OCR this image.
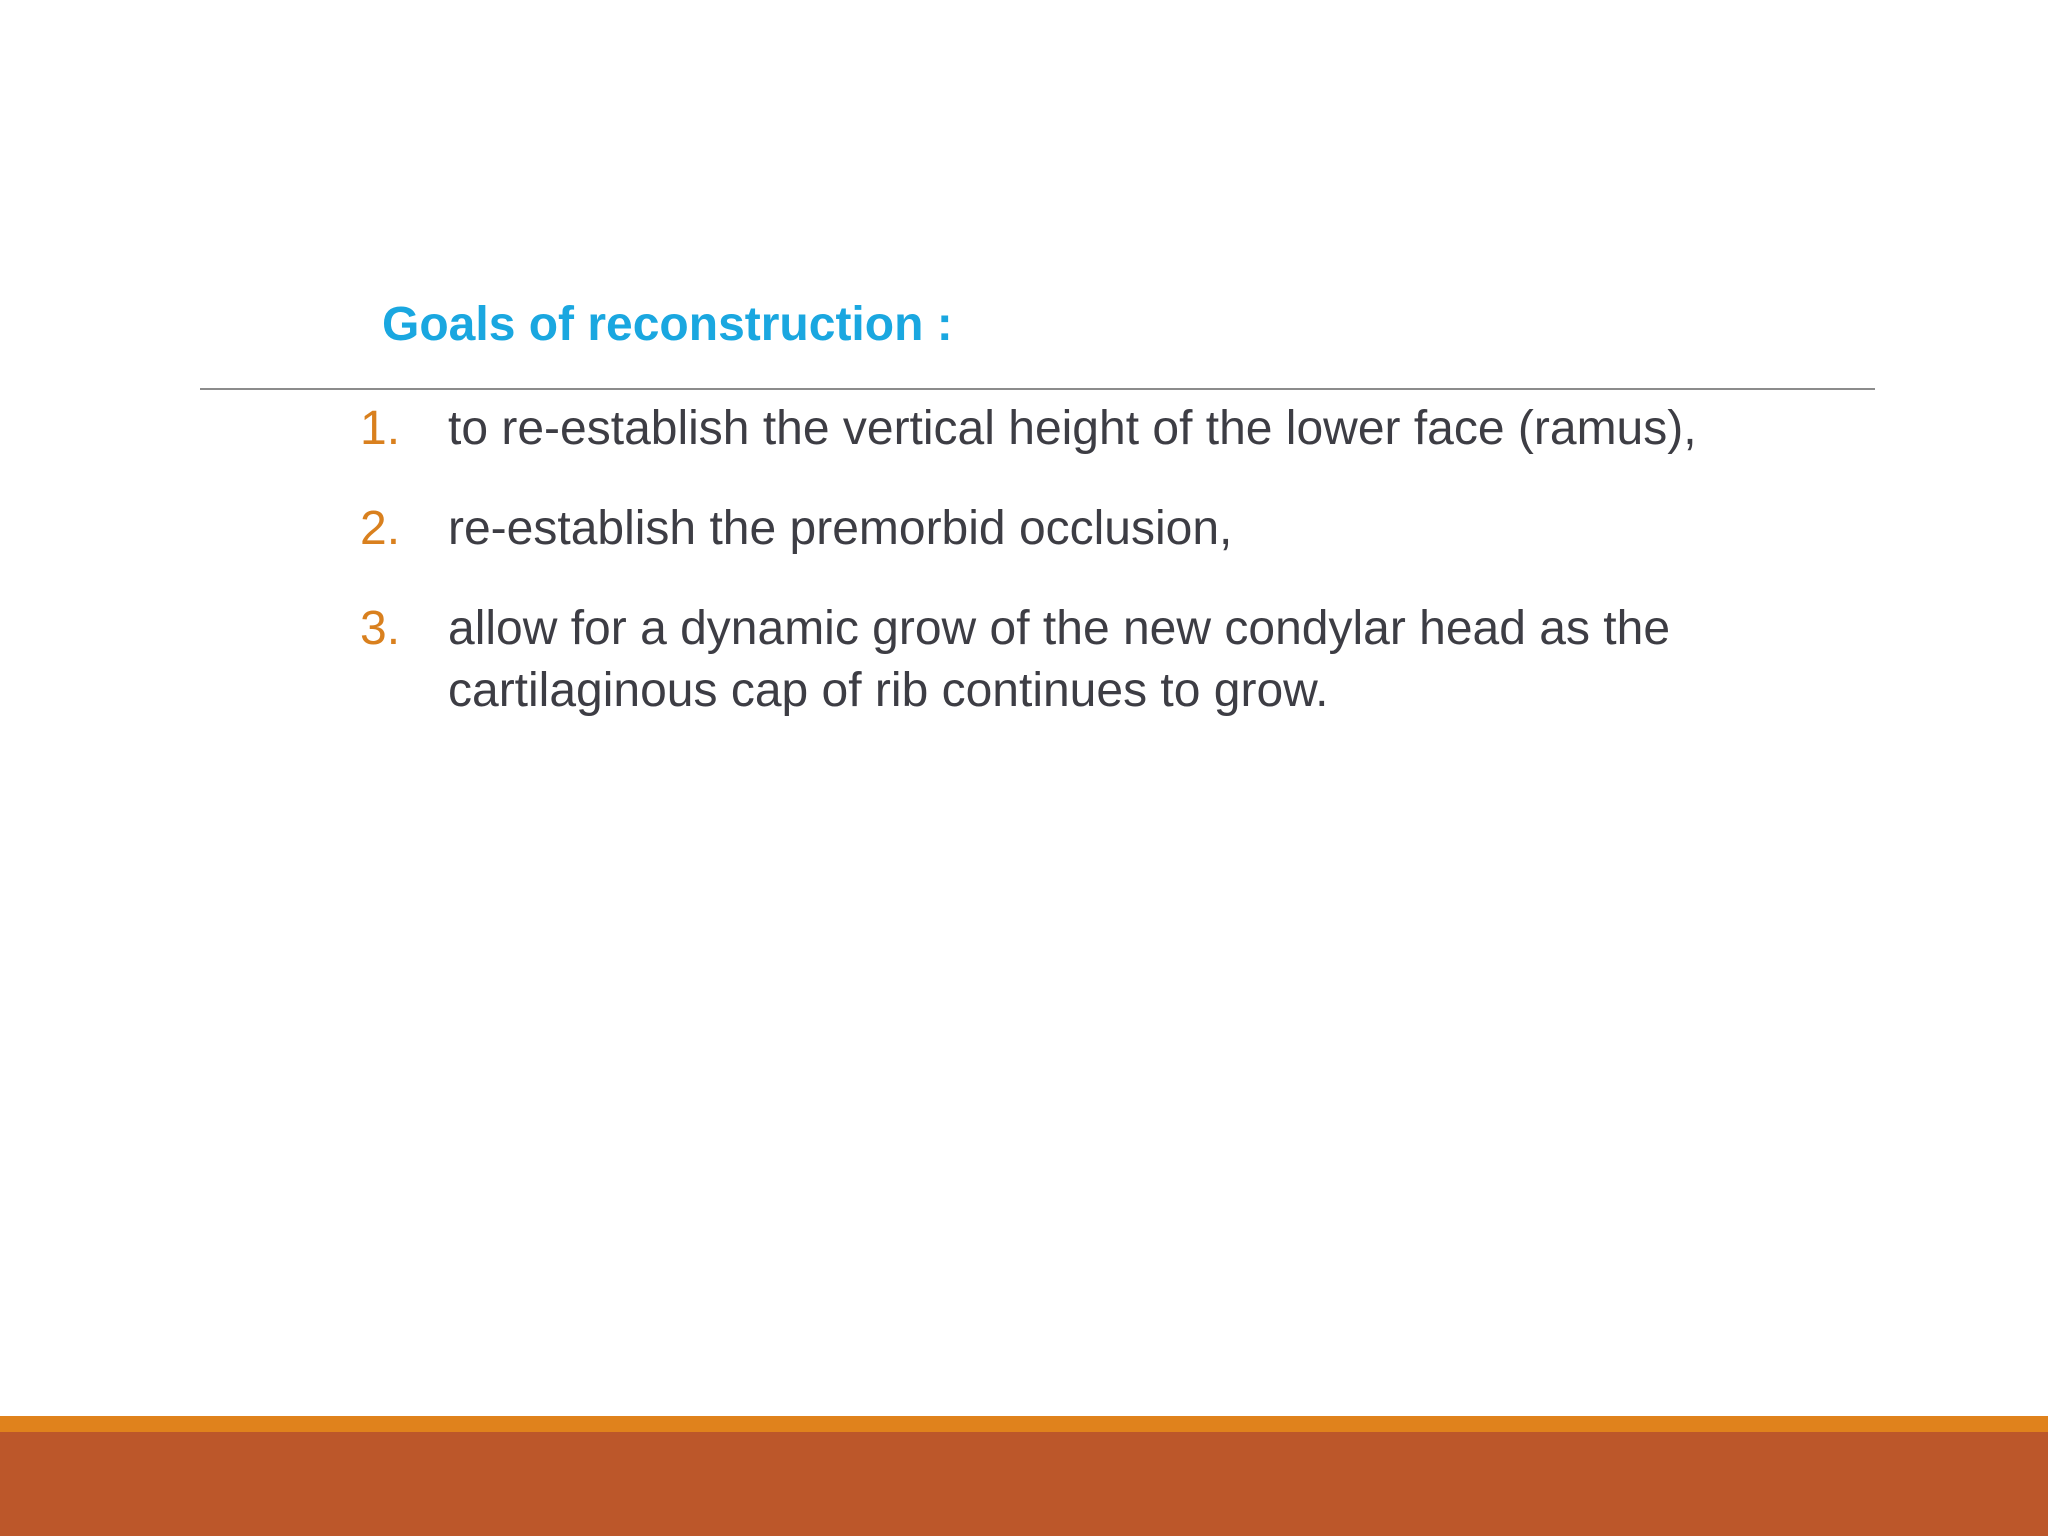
Goals of reconstruction :
1. to re-establish the vertical height of the lower face (ramus),
2. re-establish the premorbid occlusion,
3. allow for a dynamic grow of the new condylar head as the cartilaginous cap of rib continues to grow.
